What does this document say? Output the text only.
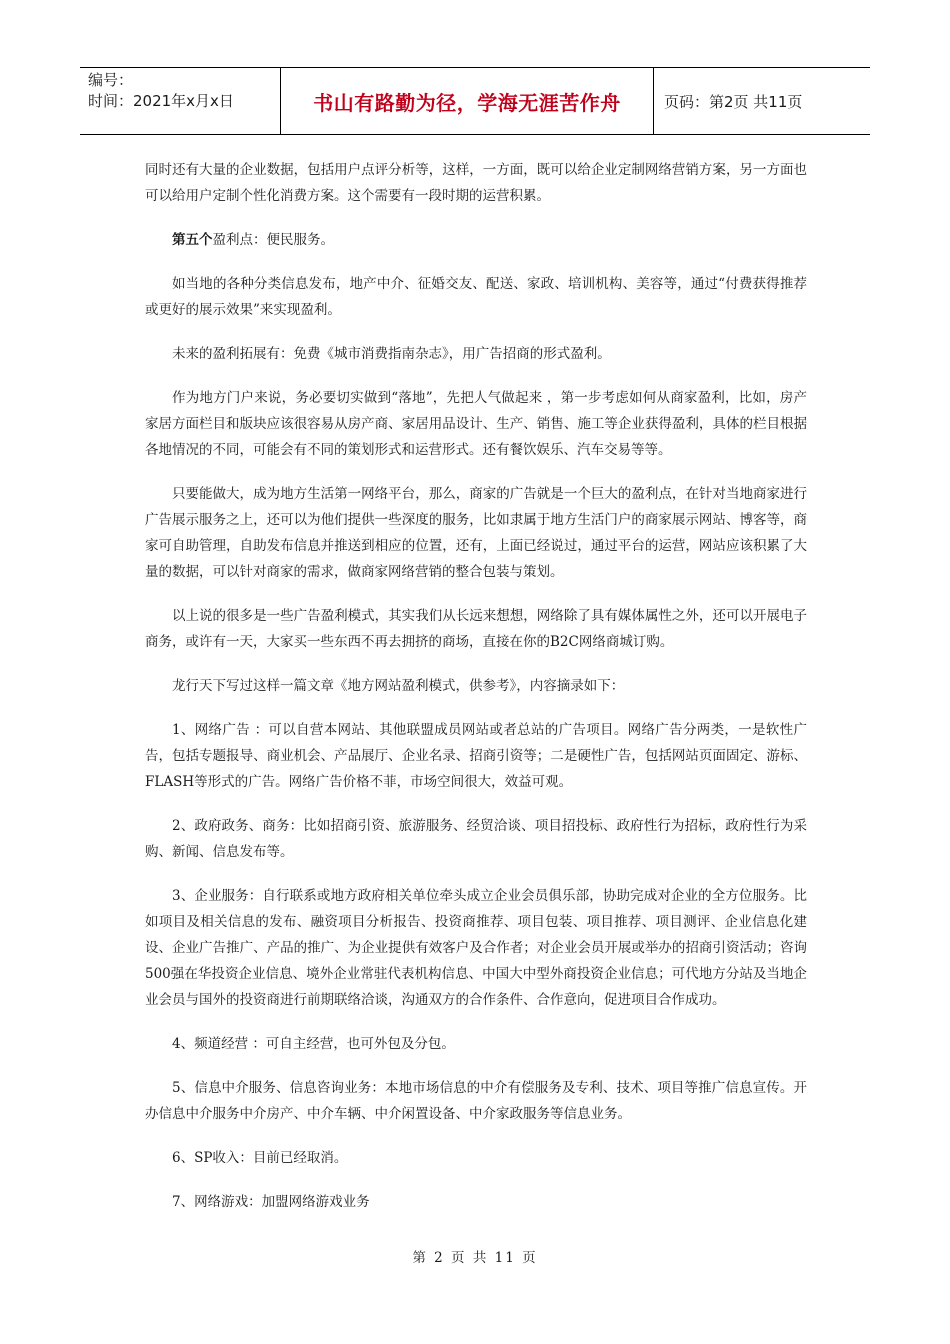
编号：
时间：2021年x月x日	书山有路勤为径，学海无涯苦作舟	页码：第2页 共11页

同时还有大量的企业数据，包括用户点评分析等，这样，一方面，既可以给企业定制网络营销方案，另一方面也可以给用户定制个性化消费方案。这个需要有一段时期的运营积累。

第五个盈利点：便民服务。

如当地的各种分类信息发布，地产中介、征婚交友、配送、家政、培训机构、美容等，通过“付费获得推荐或更好的展示效果”来实现盈利。

未来的盈利拓展有：免费《城市消费指南杂志》，用广告招商的形式盈利。

作为地方门户来说，务必要切实做到“落地”，先把人气做起来 ，第一步考虑如何从商家盈利，比如，房产家居方面栏目和版块应该很容易从房产商、家居用品设计、生产、销售、施工等企业获得盈利，具体的栏目根据各地情况的不同，可能会有不同的策划形式和运营形式。还有餐饮娱乐、汽车交易等等。

只要能做大，成为地方生活第一网络平台，那么，商家的广告就是一个巨大的盈利点，在针对当地商家进行广告展示服务之上，还可以为他们提供一些深度的服务，比如隶属于地方生活门户的商家展示网站、博客等，商家可自助管理，自助发布信息并推送到相应的位置，还有，上面已经说过，通过平台的运营，网站应该积累了大量的数据，可以针对商家的需求，做商家网络营销的整合包装与策划。

以上说的很多是一些广告盈利模式，其实我们从长远来想想，网络除了具有媒体属性之外，还可以开展电子商务，或许有一天，大家买一些东西不再去拥挤的商场，直接在你的B2C网络商城订购。

龙行天下写过这样一篇文章《地方网站盈利模式，供参考》，内容摘录如下：

1、网络广告 ：可以自营本网站、其他联盟成员网站或者总站的广告项目。网络广告分两类，一是软性广告，包括专题报导、商业机会、产品展厅、企业名录、招商引资等；二是硬性广告，包括网站页面固定、游标、 FLASH等形式的广告。网络广告价格不菲，市场空间很大，效益可观。

2、政府政务、商务：比如招商引资、旅游服务、经贸洽谈、项目招投标、政府性行为招标，政府性行为采购、新闻、信息发布等。

3、企业服务：自行联系或地方政府相关单位牵头成立企业会员俱乐部，协助完成对企业的全方位服务。比如项目及相关信息的发布、融资项目分析报告、投资商推荐、项目包装、项目推荐、项目测评、企业信息化建设、企业广告推广、产品的推广、为企业提供有效客户及合作者；对企业会员开展或举办的招商引资活动；咨询 500强在华投资企业信息、境外企业常驻代表机构信息、中国大中型外商投资企业信息；可代地方分站及当地企业会员与国外的投资商进行前期联络洽谈，沟通双方的合作条件、合作意向，促进项目合作成功。

4、频道经营 ：可自主经营，也可外包及分包。

5、信息中介服务、信息咨询业务：本地市场信息的中介有偿服务及专利、技术、项目等推广信息宣传。开办信息中介服务中介房产、中介车辆、中介闲置设备、中介家政服务等信息业务。

6、SP收入：目前已经取消。

7、网络游戏：加盟网络游戏业务

第 2 页 共 11 页
